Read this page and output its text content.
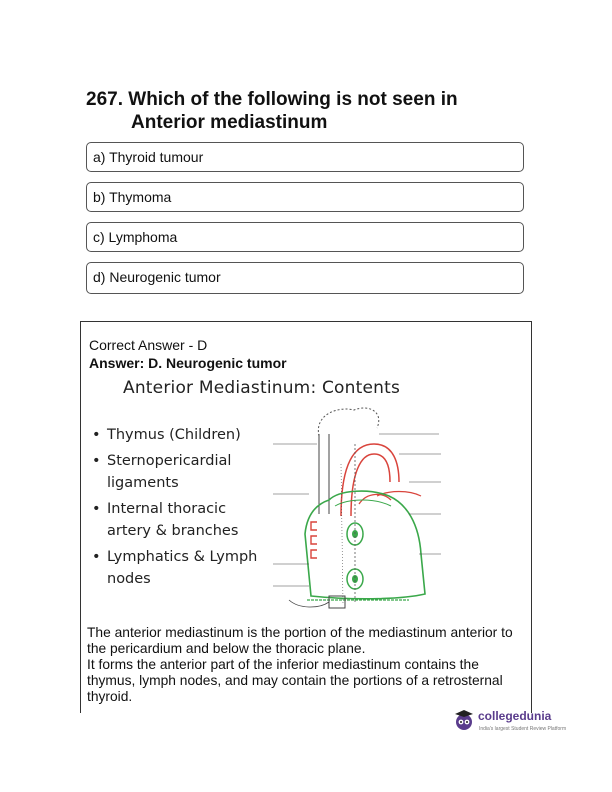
267. Which of the following is not seen in
Anterior mediastinum
a) Thyroid tumour
b) Thymoma
c) Lymphoma
d) Neurogenic tumor
Correct Answer - D
Answer: D. Neurogenic tumor
Anterior Mediastinum: Contents
• Thymus (Children)
• Sternopericardial ligaments
• Internal thoracic artery & branches
• Lymphatics & Lymph nodes

The anterior mediastinum is the portion of the mediastinum anterior to the pericardium and below the thoracic plane.

It forms the anterior part of the inferior mediastinum contains the thymus, lymph nodes, and may contain the portions of a retrosternal thyroid.

collegedunia
India's largest Student Review Platform
